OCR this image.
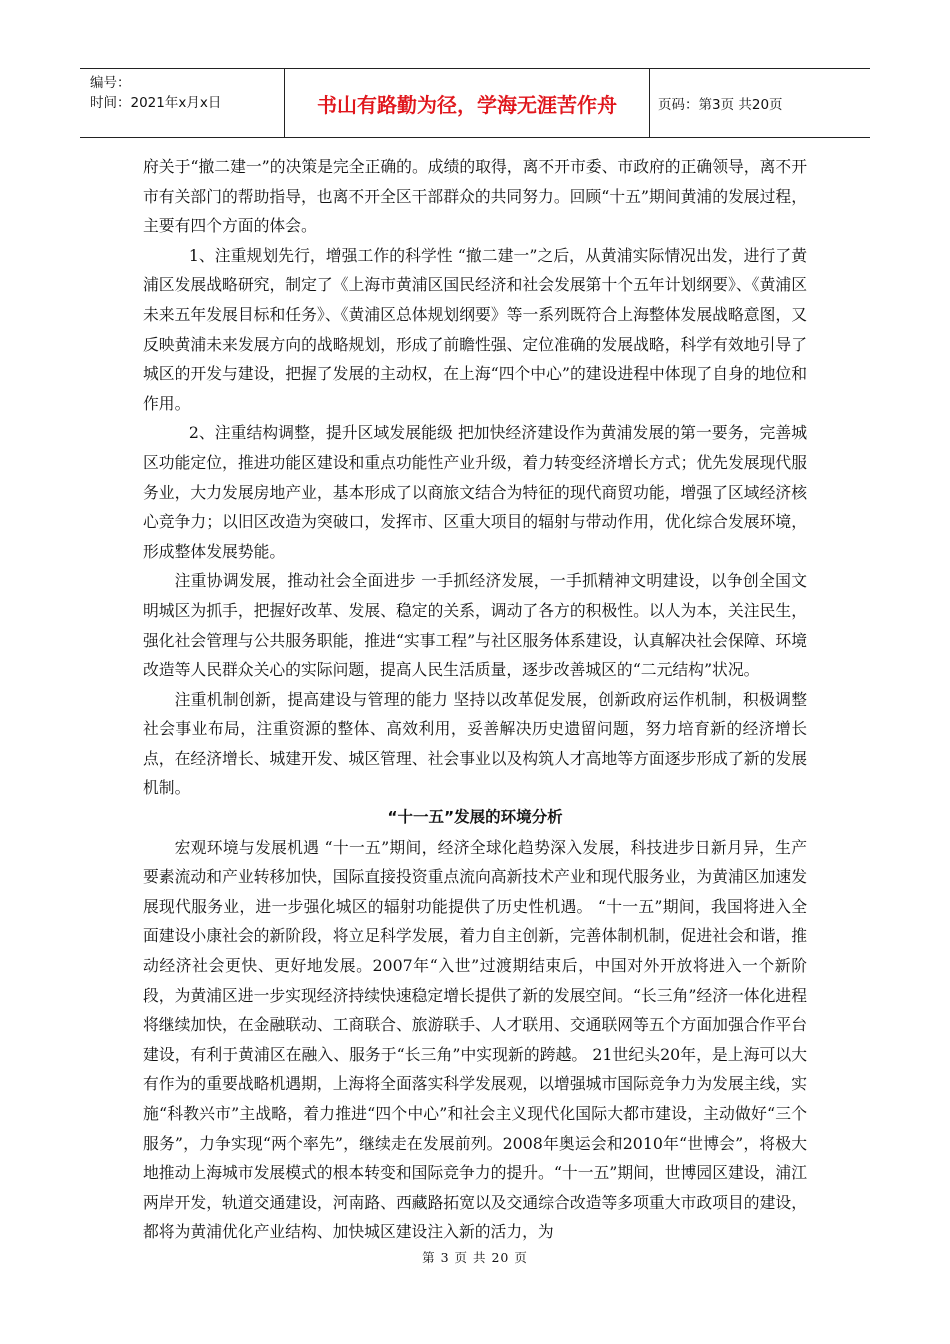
编号：
时间：2021年x月x日	书山有路勤为径，学海无涯苦作舟	页码：第3页 共20页

府关于“撤二建一”的决策是完全正确的。成绩的取得，离不开市委、市政府的正确领导，离不开市有关部门的帮助指导，也离不开全区干部群众的共同努力。回顾“十五”期间黄浦的发展过程，主要有四个方面的体会。

1、注重规划先行，增强工作的科学性 “撤二建一”之后，从黄浦实际情况出发，进行了黄浦区发展战略研究，制定了《上海市黄浦区国民经济和社会发展第十个五年计划纲要》、《黄浦区未来五年发展目标和任务》、《黄浦区总体规划纲要》等一系列既符合上海整体发展战略意图，又反映黄浦未来发展方向的战略规划，形成了前瞻性强、定位准确的发展战略，科学有效地引导了城区的开发与建设，把握了发展的主动权，在上海“四个中心”的建设进程中体现了自身的地位和作用。

2、注重结构调整，提升区域发展能级 把加快经济建设作为黄浦发展的第一要务，完善城区功能定位，推进功能区建设和重点功能性产业升级，着力转变经济增长方式；优先发展现代服务业，大力发展房地产业，基本形成了以商旅文结合为特征的现代商贸功能，增强了区域经济核心竞争力；以旧区改造为突破口，发挥市、区重大项目的辐射与带动作用，优化综合发展环境，形成整体发展势能。

注重协调发展，推动社会全面进步 一手抓经济发展，一手抓精神文明建设，以争创全国文明城区为抓手，把握好改革、发展、稳定的关系，调动了各方的积极性。以人为本，关注民生，强化社会管理与公共服务职能，推进“实事工程”与社区服务体系建设，认真解决社会保障、环境改造等人民群众关心的实际问题，提高人民生活质量，逐步改善城区的“二元结构”状况。

注重机制创新，提高建设与管理的能力 坚持以改革促发展，创新政府运作机制，积极调整社会事业布局，注重资源的整体、高效利用，妥善解决历史遗留问题，努力培育新的经济增长点，在经济增长、城建开发、城区管理、社会事业以及构筑人才高地等方面逐步形成了新的发展机制。

“十一五”发展的环境分析

宏观环境与发展机遇 “十一五”期间，经济全球化趋势深入发展，科技进步日新月异，生产要素流动和产业转移加快，国际直接投资重点流向高新技术产业和现代服务业，为黄浦区加速发展现代服务业，进一步强化城区的辐射功能提供了历史性机遇。 “十一五”期间，我国将进入全面建设小康社会的新阶段，将立足科学发展，着力自主创新，完善体制机制，促进社会和谐，推动经济社会更快、更好地发展。2007年“入世”过渡期结束后，中国对外开放将进入一个新阶段，为黄浦区进一步实现经济持续快速稳定增长提供了新的发展空间。“长三角”经济一体化进程将继续加快，在金融联动、工商联合、旅游联手、人才联用、交通联网等五个方面加强合作平台建设，有利于黄浦区在融入、服务于“长三角”中实现新的跨越。 21世纪头20年，是上海可以大有作为的重要战略机遇期，上海将全面落实科学发展观，以增强城市国际竞争力为发展主线，实施“科教兴市”主战略，着力推进“四个中心”和社会主义现代化国际大都市建设，主动做好“三个服务”，力争实现“两个率先”，继续走在发展前列。2008年奥运会和2010年“世博会”，将极大地推动上海城市发展模式的根本转变和国际竞争力的提升。“十一五”期间，世博园区建设，浦江两岸开发，轨道交通建设，河南路、西藏路拓宽以及交通综合改造等多项重大市政项目的建设，都将为黄浦优化产业结构、加快城区建设注入新的活力，为

第 3 页 共 20 页
